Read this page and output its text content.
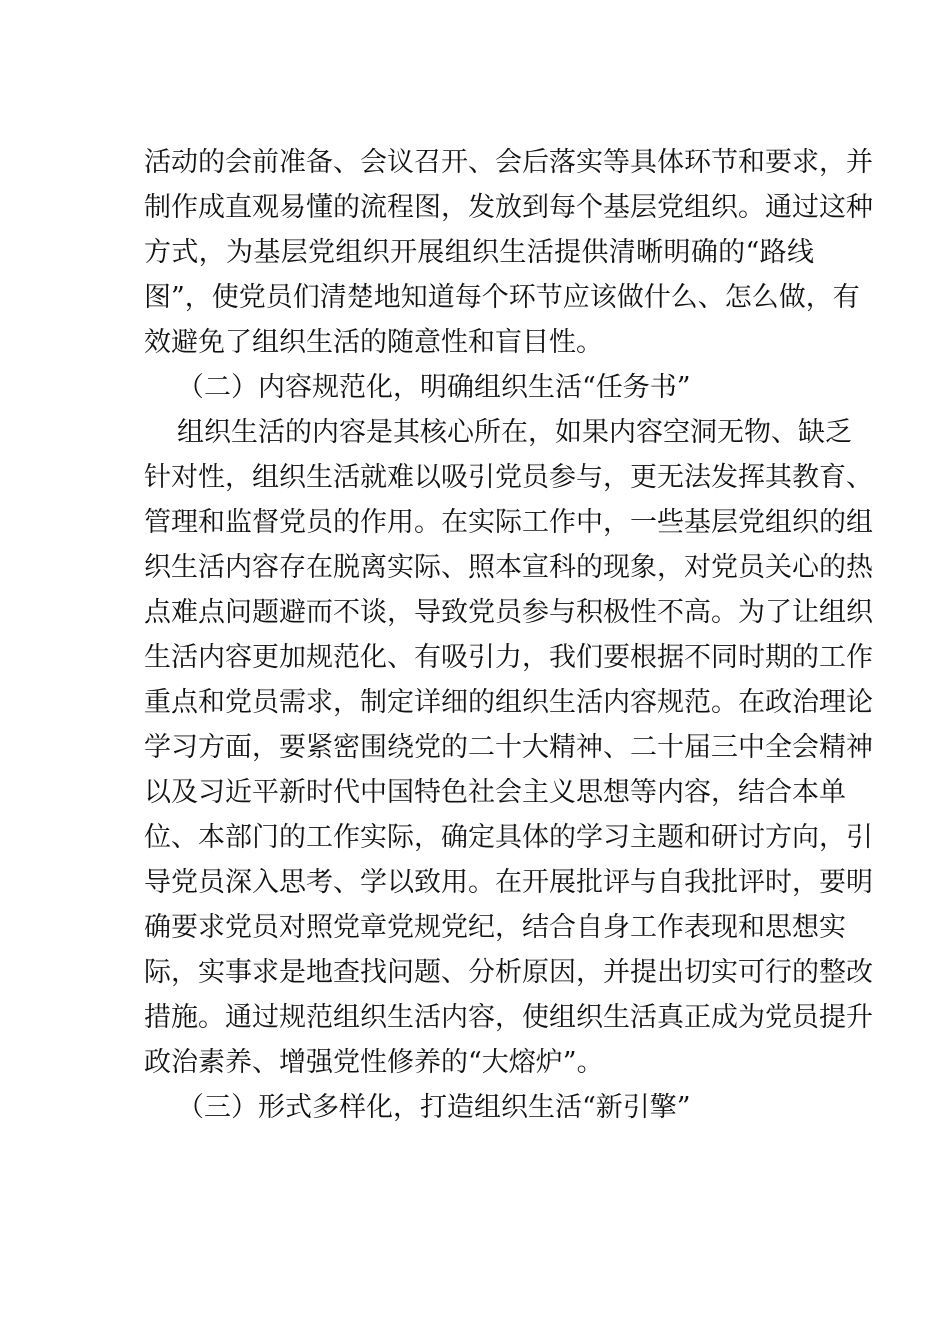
活动的会前准备、会议召开、会后落实等具体环节和要求，并
制作成直观易懂的流程图，发放到每个基层党组织。通过这种
方式，为基层党组织开展组织生活提供清晰明确的“路线
图”，使党员们清楚地知道每个环节应该做什么、怎么做，有
效避免了组织生活的随意性和盲目性。
（二）内容规范化，明确组织生活“任务书”
组织生活的内容是其核心所在，如果内容空洞无物、缺乏
针对性，组织生活就难以吸引党员参与，更无法发挥其教育、
管理和监督党员的作用。在实际工作中，一些基层党组织的组
织生活内容存在脱离实际、照本宣科的现象，对党员关心的热
点难点问题避而不谈，导致党员参与积极性不高。为了让组织
生活内容更加规范化、有吸引力，我们要根据不同时期的工作
重点和党员需求，制定详细的组织生活内容规范。在政治理论
学习方面，要紧密围绕党的二十大精神、二十届三中全会精神
以及习近平新时代中国特色社会主义思想等内容，结合本单
位、本部门的工作实际，确定具体的学习主题和研讨方向，引
导党员深入思考、学以致用。在开展批评与自我批评时，要明
确要求党员对照党章党规党纪，结合自身工作表现和思想实
际，实事求是地查找问题、分析原因，并提出切实可行的整改
措施。通过规范组织生活内容，使组织生活真正成为党员提升
政治素养、增强党性修养的“大熔炉”。
（三）形式多样化，打造组织生活“新引擎”
